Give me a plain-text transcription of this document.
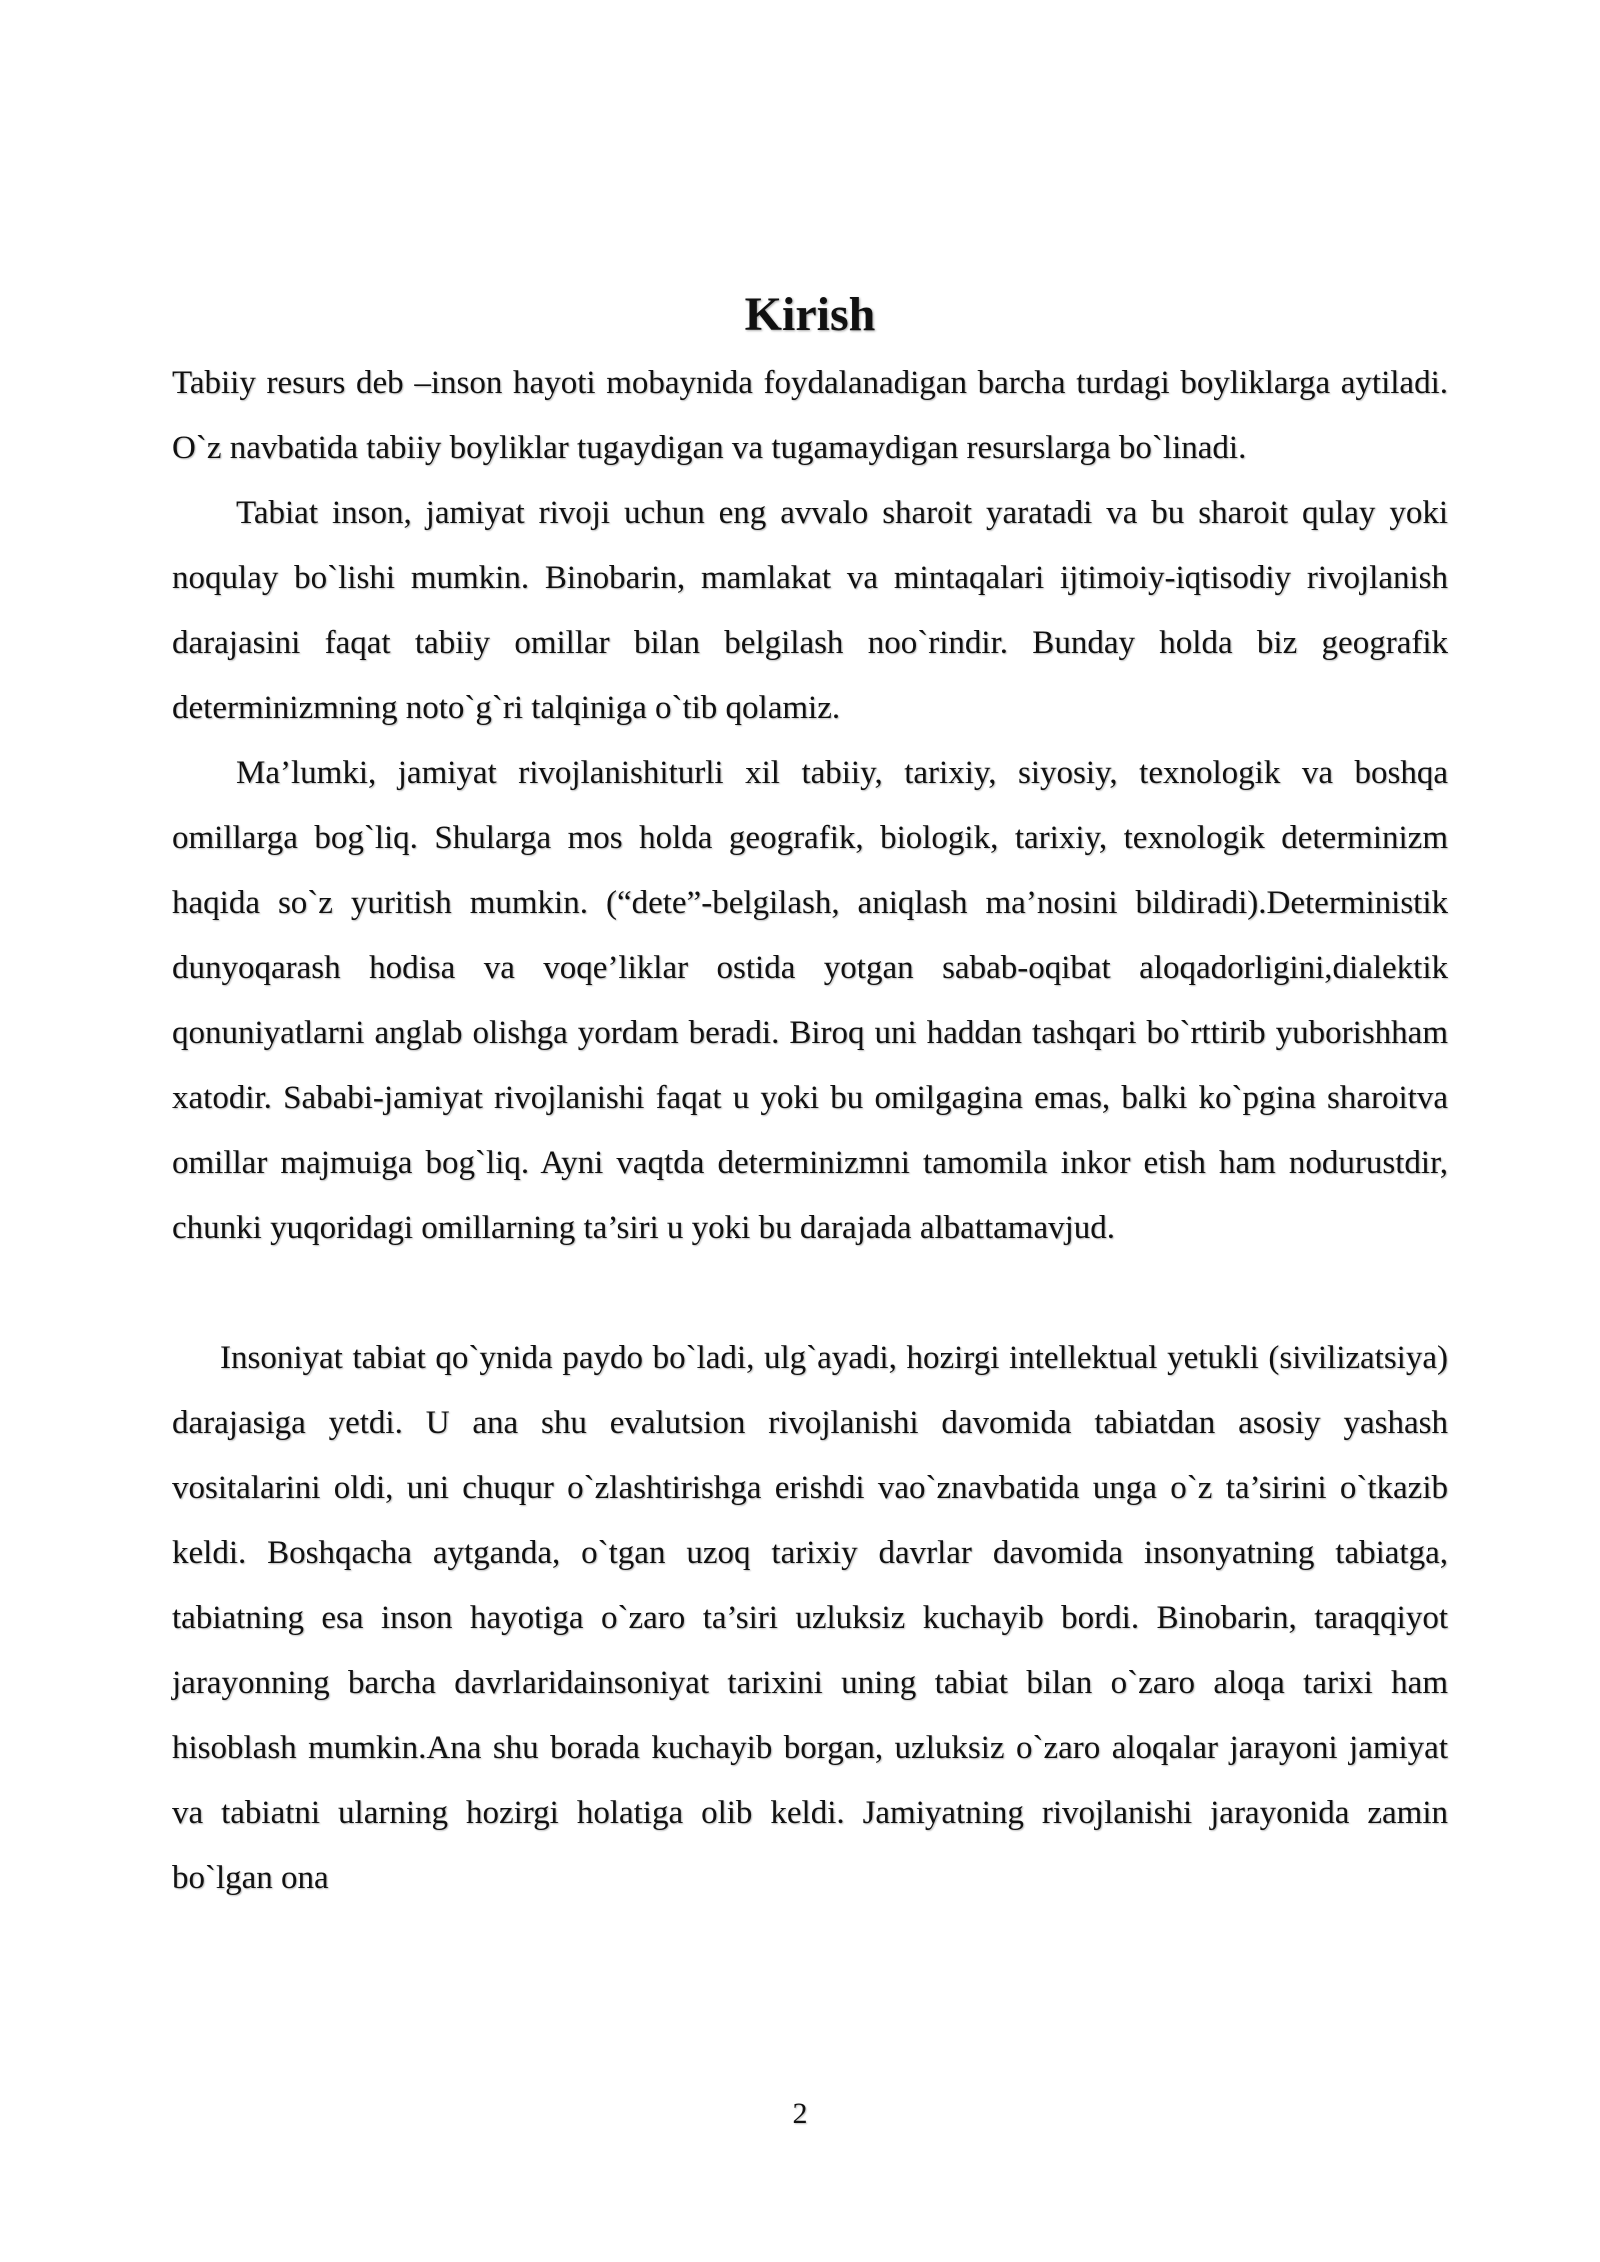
Kirish

Tabiiy resurs deb –inson hayoti mobaynida foydalanadigan barcha turdagi boyliklarga aytiladi. O`z navbatida tabiiy boyliklar tugaydigan va tugamaydigan resurslarga bo`linadi.

Tabiat inson, jamiyat rivoji uchun eng avvalo sharoit yaratadi va bu sharoit qulay yoki noqulay bo`lishi mumkin. Binobarin, mamlakat va mintaqalari ijtimoiy-iqtisodiy rivojlanish darajasini faqat tabiiy omillar bilan belgilash noo`rindir. Bunday holda biz geografik determinizmning noto`g`ri talqiniga o`tib qolamiz.

Ma’lumki, jamiyat rivojlanishiturli xil tabiiy, tarixiy, siyosiy, texnologik va boshqa omillarga bog`liq. Shularga mos holda geografik, biologik, tarixiy, texnologik determinizm haqida so`z yuritish mumkin. (“dete”-belgilash, aniqlash ma’nosini bildiradi).Deterministik dunyoqarash hodisa va voqe’liklar ostida yotgan sabab-oqibat aloqadorligini,dialektik qonuniyatlarni anglab olishga yordam beradi. Biroq uni haddan tashqari bo`rttirib yuborishham xatodir. Sababi-jamiyat rivojlanishi faqat u yoki bu omilgagina emas, balki ko`pgina sharoitva omillar majmuiga bog`liq. Ayni vaqtda determinizmni tamomila inkor etish ham nodurustdir, chunki yuqoridagi omillarning ta’siri u yoki bu darajada albattamavjud.

Insoniyat tabiat qo`ynida paydo bo`ladi, ulg`ayadi, hozirgi intellektual yetukli (sivilizatsiya) darajasiga yetdi. U ana shu evalutsion rivojlanishi davomida tabiatdan asosiy yashash vositalarini oldi, uni chuqur o`zlashtirishga erishdi vao`znavbatida unga o`z ta’sirini o`tkazib keldi. Boshqacha aytganda, o`tgan uzoq tarixiy davrlar davomida insonyatning tabiatga, tabiatning esa inson hayotiga o`zaro ta’siri uzluksiz kuchayib bordi. Binobarin, taraqqiyot jarayonning barcha davrlaridainsoniyat tarixini uning tabiat bilan o`zaro aloqa tarixi ham hisoblash mumkin.Ana shu borada kuchayib borgan, uzluksiz o`zaro aloqalar jarayoni jamiyat va tabiatni ularning hozirgi holatiga olib keldi. Jamiyatning rivojlanishi jarayonida zamin bo`lgan ona

2
